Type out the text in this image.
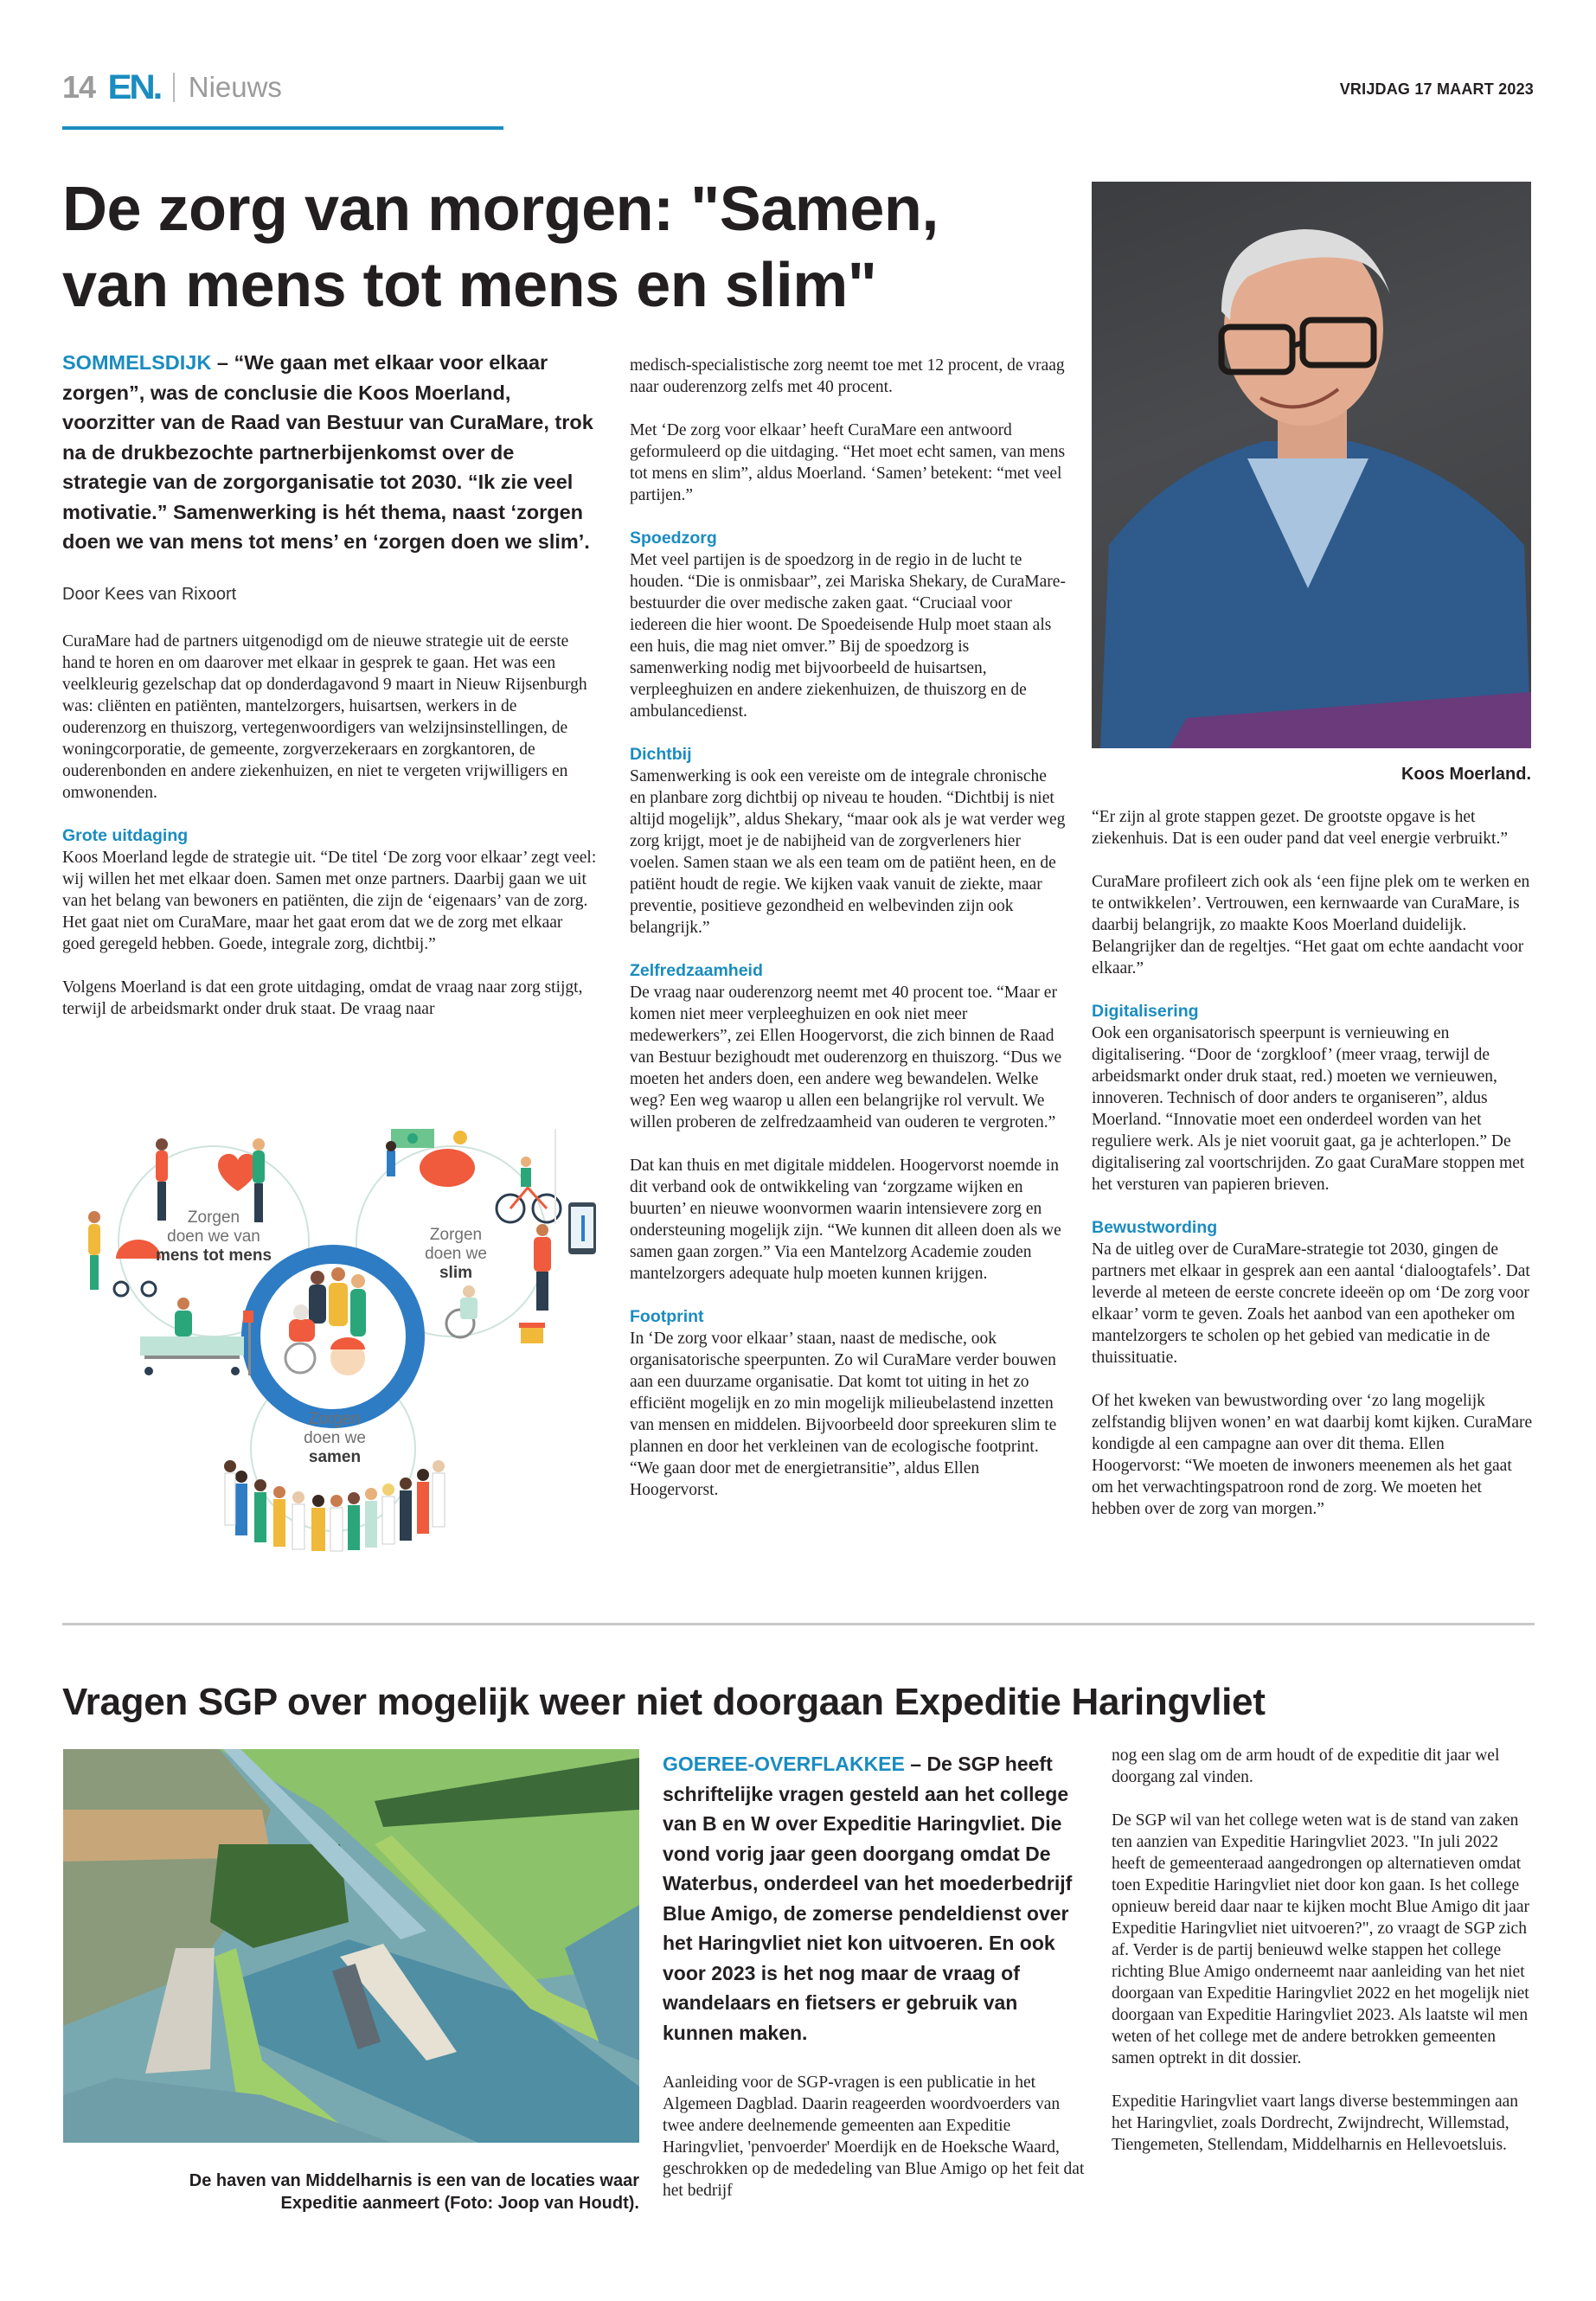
14 EN. Nieuws	VRIJDAG 17 MAART 2023
De zorg van morgen: "Samen,
van mens tot mens en slim"

SOMMELSDIJK – “We gaan met elkaar voor elkaar zorgen”, was de conclusie die Koos Moerland, voorzitter van de Raad van Bestuur van CuraMare, trok na de drukbezochte partnerbijenkomst over de strategie van de zorgorganisatie tot 2030. “Ik zie veel motivatie.” Samenwerking is hét thema, naast ‘zorgen doen we van mens tot mens’ en ‘zorgen doen we slim’.

Door Kees van Rixoort

CuraMare had de partners uitgenodigd om de nieuwe strategie uit de eerste hand te horen en om daarover met elkaar in gesprek te gaan. Het was een veelkleurig gezelschap dat op donderdagavond 9 maart in Nieuw Rijsenburgh was: cliënten en patiënten, mantelzorgers, huisartsen, werkers in de ouderenzorg en thuiszorg, vertegenwoordigers van welzijnsinstellingen, de woningcorporatie, de gemeente, zorgverzekeraars en zorgkantoren, de ouderenbonden en andere ziekenhuizen, en niet te vergeten vrijwilligers en omwonenden.

Grote uitdaging

Koos Moerland legde de strategie uit. “De titel ‘De zorg voor elkaar’ zegt veel: wij willen het met elkaar doen. Samen met onze partners. Daarbij gaan we uit van het belang van bewoners en patiënten, die zijn de ‘eigenaars’ van de zorg. Het gaat niet om CuraMare, maar het gaat erom dat we de zorg met elkaar goed geregeld hebben. Goede, integrale zorg, dichtbij.”

Volgens Moerland is dat een grote uitdaging, omdat de vraag naar zorg stijgt, terwijl de arbeidsmarkt onder druk staat. De vraag naar

Zorgen
doen we van
mens tot mens
Zorgen
doen we
slim
Zorgen
doen we
samen

medisch-specialistische zorg neemt toe met 12 procent, de vraag naar ouderenzorg zelfs met 40 procent.

Met ‘De zorg voor elkaar’ heeft CuraMare een antwoord geformuleerd op die uitdaging. “Het moet echt samen, van mens tot mens en slim”, aldus Moerland. ‘Samen’ betekent: “met veel partijen.”

Spoedzorg

Met veel partijen is de spoedzorg in de regio in de lucht te houden. “Die is onmisbaar”, zei Mariska Shekary, de CuraMare-bestuurder die over medische zaken gaat. “Cruciaal voor iedereen die hier woont. De Spoedeisende Hulp moet staan als een huis, die mag niet omver.” Bij de spoedzorg is samenwerking nodig met bijvoorbeeld de huisartsen, verpleeghuizen en andere ziekenhuizen, de thuiszorg en de ambulancedienst.

Dichtbij

Samenwerking is ook een vereiste om de integrale chronische en planbare zorg dichtbij op niveau te houden. “Dichtbij is niet altijd mogelijk”, aldus Shekary, “maar ook als je wat verder weg zorg krijgt, moet je de nabijheid van de zorgverleners hier voelen. Samen staan we als een team om de patiënt heen, en de patiënt houdt de regie. We kijken vaak vanuit de ziekte, maar preventie, positieve gezondheid en welbevinden zijn ook belangrijk.”

Zelfredzaamheid

De vraag naar ouderenzorg neemt met 40 procent toe. “Maar er komen niet meer verpleeghuizen en ook niet meer medewerkers”, zei Ellen Hoogervorst, die zich binnen de Raad van Bestuur bezighoudt met ouderenzorg en thuiszorg. “Dus we moeten het anders doen, een andere weg bewandelen. Welke weg? Een weg waarop u allen een belangrijke rol vervult. We willen proberen de zelfredzaamheid van ouderen te vergroten.”

Dat kan thuis en met digitale middelen. Hoogervorst noemde in dit verband ook de ontwikkeling van ‘zorgzame wijken en buurten’ en nieuwe woonvormen waarin intensievere zorg en ondersteuning mogelijk zijn. “We kunnen dit alleen doen als we samen gaan zorgen.” Via een Mantelzorg Academie zouden mantelzorgers adequate hulp moeten kunnen krijgen.

Footprint

In ‘De zorg voor elkaar’ staan, naast de medische, ook organisatorische speerpunten. Zo wil CuraMare verder bouwen aan een duurzame organisatie. Dat komt tot uiting in het zo efficiënt mogelijk en zo min mogelijk milieubelastend inzetten van mensen en middelen. Bijvoorbeeld door spreekuren slim te plannen en door het verkleinen van de ecologische footprint. “We gaan door met de energietransitie”, aldus Ellen Hoogervorst.

Koos Moerland.

“Er zijn al grote stappen gezet. De grootste opgave is het ziekenhuis. Dat is een ouder pand dat veel energie verbruikt.”

CuraMare profileert zich ook als ‘een fijne plek om te werken en te ontwikkelen’. Vertrouwen, een kernwaarde van CuraMare, is daarbij belangrijk, zo maakte Koos Moerland duidelijk. Belangrijker dan de regeltjes. “Het gaat om echte aandacht voor elkaar.”

Digitalisering

Ook een organisatorisch speerpunt is vernieuwing en digitalisering. “Door de ‘zorgkloof’ (meer vraag, terwijl de arbeidsmarkt onder druk staat, red.) moeten we vernieuwen, innoveren. Technisch of door anders te organiseren”, aldus Moerland. “Innovatie moet een onderdeel worden van het reguliere werk. Als je niet vooruit gaat, ga je achterlopen.” De digitalisering zal voortschrijden. Zo gaat CuraMare stoppen met het versturen van papieren brieven.

Bewustwording

Na de uitleg over de CuraMare-strategie tot 2030, gingen de partners met elkaar in gesprek aan een aantal ‘dialoogtafels’. Dat leverde al meteen de eerste concrete ideeën op om ‘De zorg voor elkaar’ vorm te geven. Zoals het aanbod van een apotheker om mantelzorgers te scholen op het gebied van medicatie in de thuissituatie.

Of het kweken van bewustwording over ‘zo lang mogelijk zelfstandig blijven wonen’ en wat daarbij komt kijken. CuraMare kondigde al een campagne aan over dit thema. Ellen Hoogervorst: “We moeten de inwoners meenemen als het gaat om het verwachtingspatroon rond de zorg. We moeten het hebben over de zorg van morgen.”

Vragen SGP over mogelijk weer niet doorgaan Expeditie Haringvliet
De haven van Middelharnis is een van de locaties waar
Expeditie aanmeert (Foto: Joop van Houdt).

GOEREE-OVERFLAKKEE – De SGP heeft schriftelijke vragen gesteld aan het college van B en W over Expeditie Haringvliet. Die vond vorig jaar geen doorgang omdat De Waterbus, onderdeel van het moederbedrijf Blue Amigo, de zomerse pendeldienst over het Haringvliet niet kon uitvoeren. En ook voor 2023 is het nog maar de vraag of wandelaars en fietsers er gebruik van kunnen maken.

Aanleiding voor de SGP-vragen is een publicatie in het Algemeen Dagblad. Daarin reageerden woordvoerders van twee andere deelnemende gemeenten aan Expeditie Haringvliet, 'penvoerder' Moerdijk en de Hoeksche Waard, geschrokken op de mededeling van Blue Amigo op het feit dat het bedrijf

nog een slag om de arm houdt of de expeditie dit jaar wel doorgang zal vinden.

De SGP wil van het college weten wat is de stand van zaken ten aanzien van Expeditie Haringvliet 2023. "In juli 2022 heeft de gemeenteraad aangedrongen op alternatieven omdat toen Expeditie Haringvliet niet door kon gaan. Is het college opnieuw bereid daar naar te kijken mocht Blue Amigo dit jaar Expeditie Haringvliet niet uitvoeren?", zo vraagt de SGP zich af. Verder is de partij benieuwd welke stappen het college richting Blue Amigo onderneemt naar aanleiding van het niet doorgaan van Expeditie Haringvliet 2022 en het mogelijk niet doorgaan van Expeditie Haringvliet 2023. Als laatste wil men weten of het college met de andere betrokken gemeenten samen optrekt in dit dossier.

Expeditie Haringvliet vaart langs diverse bestemmingen aan het Haringvliet, zoals Dordrecht, Zwijndrecht, Willemstad, Tiengemeten, Stellendam, Middelharnis en Hellevoetsluis.
